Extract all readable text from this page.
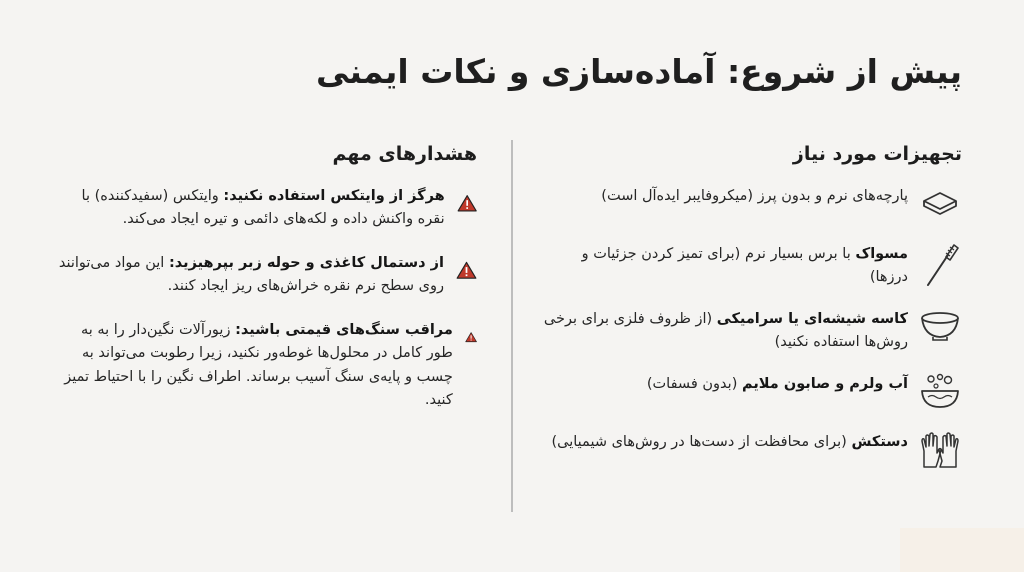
پیش از شروع: آماده‌سازی و نکات ایمنی
تجهیزات مورد نیاز
پارچه‌های نرم و بدون پرز (میکروفایبر ایده‌آل است)
مسواک با برس بسیار نرم (برای تمیز کردن جزئیات و درزها)
کاسه شیشه‌ای یا سرامیکی (از ظروف فلزی برای برخی روش‌ها استفاده نکنید)
آب ولرم و صابون ملایم (بدون فسفات)
دستکش (برای محافظت از دست‌ها در روش‌های شیمیایی)
هشدارهای مهم
هرگز از وایتکس استفاده نکنید: وایتکس (سفیدکننده) با نقره واکنش داده و لکه‌های دائمی و تیره ایجاد می‌کند.
از دستمال کاغذی و حوله زبر بپرهیزید: این مواد می‌توانند روی سطح نرم نقره خراش‌های ریز ایجاد کنند.
مراقب سنگ‌های قیمتی باشید: زیورآلات نگین‌دار را به به طور کامل در محلول‌ها غوطه‌ور نکنید، زیرا رطوبت می‌تواند به چسب و پایه‌ی سنگ آسیب برساند. اطراف نگین را با احتیاط تمیز کنید.
